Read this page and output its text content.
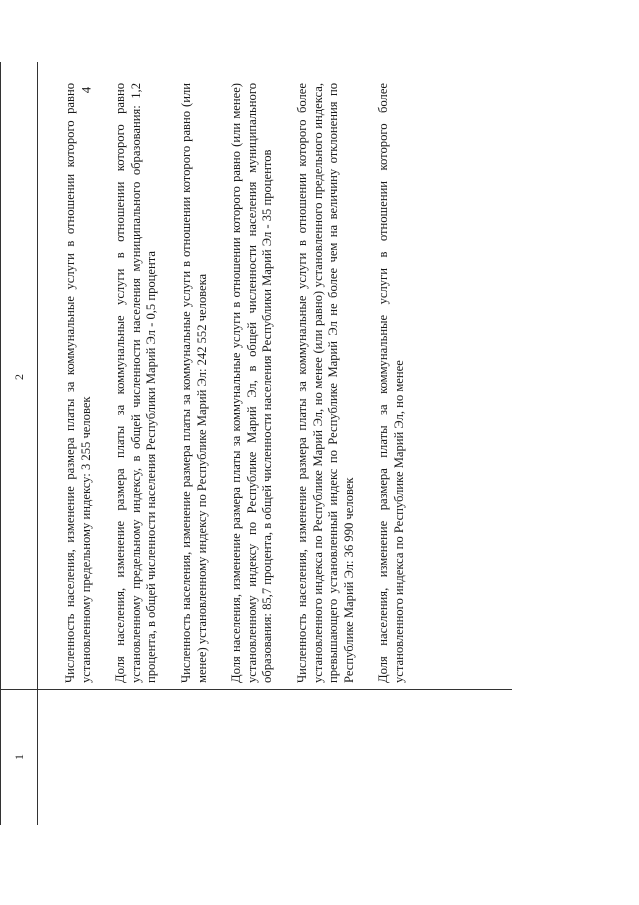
4
1
2	Численность населения, изменение размера платы за коммунальные услуги в отношении которого равно установленному предельному индексу: 3 255 человек Доля населения, изменение размера платы за коммунальные услуги в отношении которого равно установленному предельному индексу, в общей численности населения муниципального образования: 1,2 процента, в общей численности населения Республики Марий Эл - 0,5 процента Численность населения, изменение размера платы за коммунальные услуги в отношении которого равно (или менее) установленному индексу по Республике Марий Эл: 242 552 человека Доля населения, изменение размера платы за коммунальные услуги в отношении которого равно (или менее) установленному индексу по Республике Марий Эл, в общей численности населения муниципального образования: 85,7 процента, в общей численности населения Республики Марий Эл - 35 процентов Численность населения, изменение размера платы за коммунальные услуги в отношении которого более установленного индекса по Республике Марий Эл, но менее (или равно) установленного предельного индекса, превышающего установленный индекс по Республике Марий Эл не более чем на величину отклонения по Республике Марий Эл: 36 990 человек Доля населения, изменение размера платы за коммунальные услуги в отношении которого более установленного индекса по Республике Марий Эл, но менее
